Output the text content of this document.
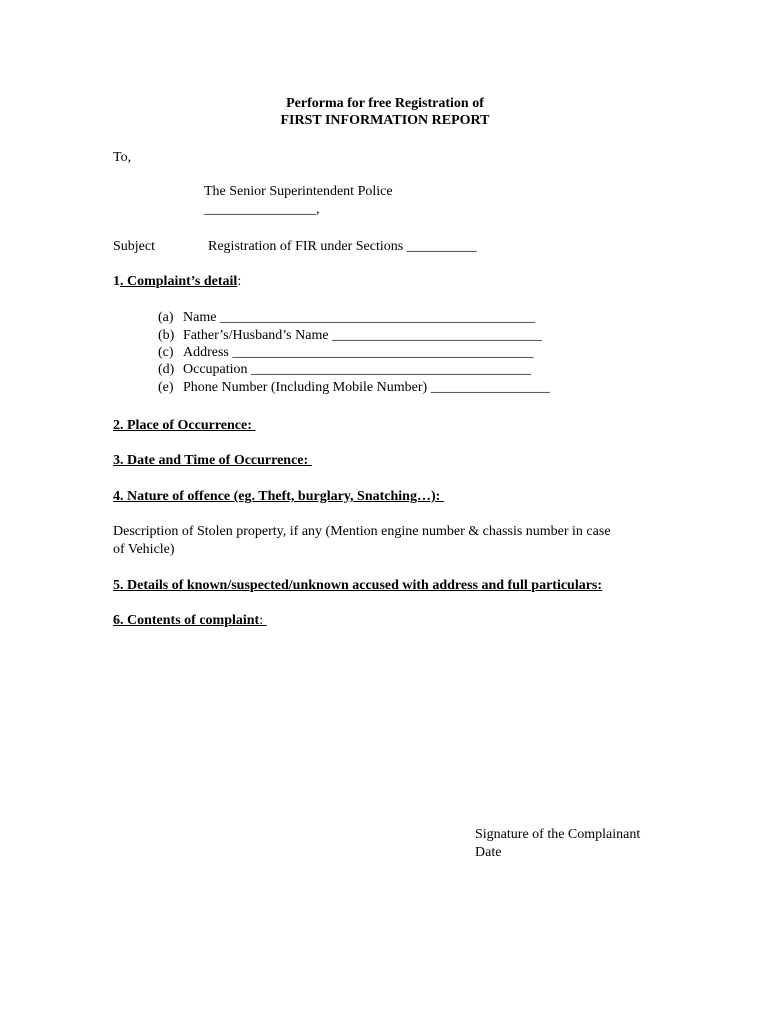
Performa for free Registration of
FIRST INFORMATION REPORT
To,
The Senior Superintendent Police
________________,
Subject	Registration of FIR under Sections __________
1. Complaint’s detail:
(a) Name _____________________________________________
(b) Father’s/Husband’s Name ______________________________
(c) Address ___________________________________________
(d) Occupation ________________________________________
(e) Phone Number (Including Mobile Number) _________________
2. Place of Occurrence:
3. Date and Time of Occurrence:
4. Nature of offence (eg. Theft, burglary, Snatching…):
Description of Stolen property, if any (Mention engine number & chassis number in case
of Vehicle)
5. Details of known/suspected/unknown accused with address and full particulars:
6. Contents of complaint:
Signature of the Complainant
Date
